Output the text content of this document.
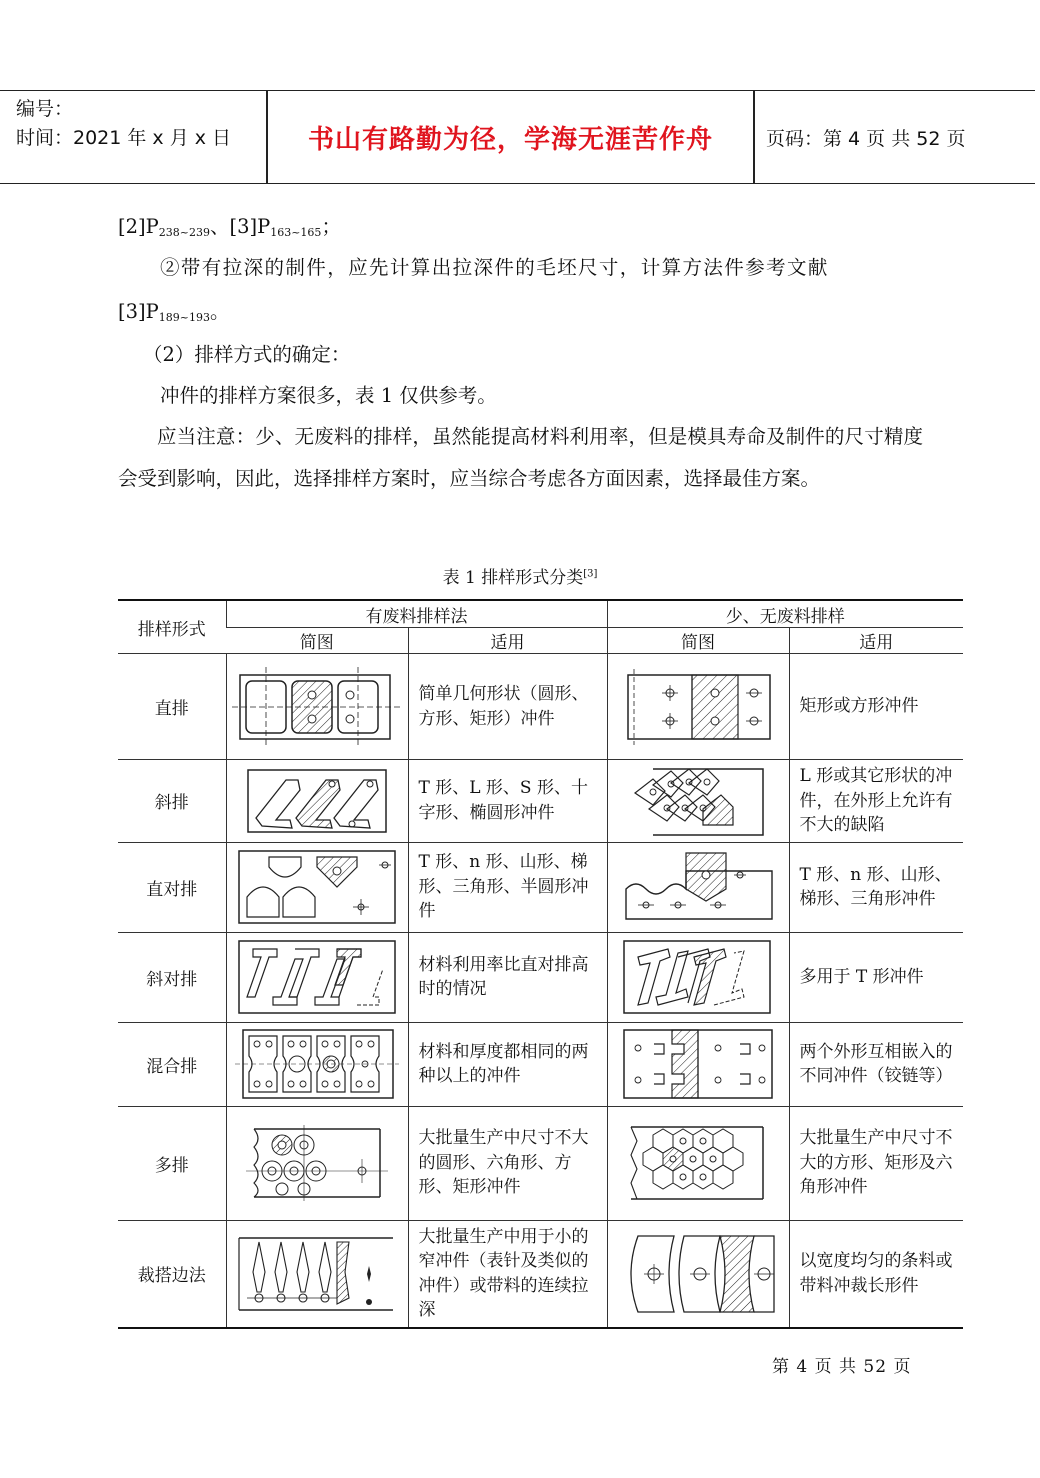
编号：
时间：2021 年 x 月 x 日	书山有路勤为径，学海无涯苦作舟	页码：第 4 页 共 52 页
$[2]P_{238\sim 239}$、$[3]P_{163\sim 165}$；
②带有拉深的制件，应先计算出拉深件的毛坯尺寸，计算方法件参考文献
$[3]P_{189\sim 193}$。
（2）排样方式的确定：
冲件的排样方案很多，表 1 仅供参考。
应当注意：少、无废料的排样，虽然能提高材料利用率，但是模具寿命及制件的尺寸精度会受到影响，因此，选择排样方案时，应当综合考虑各方面因素，选择最佳方案。
表 1 排样形式分类[3]
排样形式	有废料排样法		少、无废料排样	
	简图	适用	简图	适用
直排		简单几何形状（圆形、方形、矩形）冲件		矩形或方形冲件
斜排		T 形、L 形、S 形、十字形、椭圆形冲件		L 形或其它形状的冲件，在外形上允许有不大的缺陷
直对排		T 形、n 形、山形、梯形、三角形、半圆形冲件		T 形、n 形、山形、梯形、三角形冲件
斜对排		材料利用率比直对排高时的情况		多用于 T 形冲件
混合排		材料和厚度都相同的两种以上的冲件		两个外形互相嵌入的不同冲件（铰链等）
多排		大批量生产中尺寸不大的圆形、六角形、方形、矩形冲件		大批量生产中尺寸不大的方形、矩形及六角形冲件
裁搭边法		大批量生产中用于小的窄冲件（表针及类似的冲件）或带料的连续拉深		以宽度均匀的条料或带料冲裁长形件
第 4 页 共 52 页
